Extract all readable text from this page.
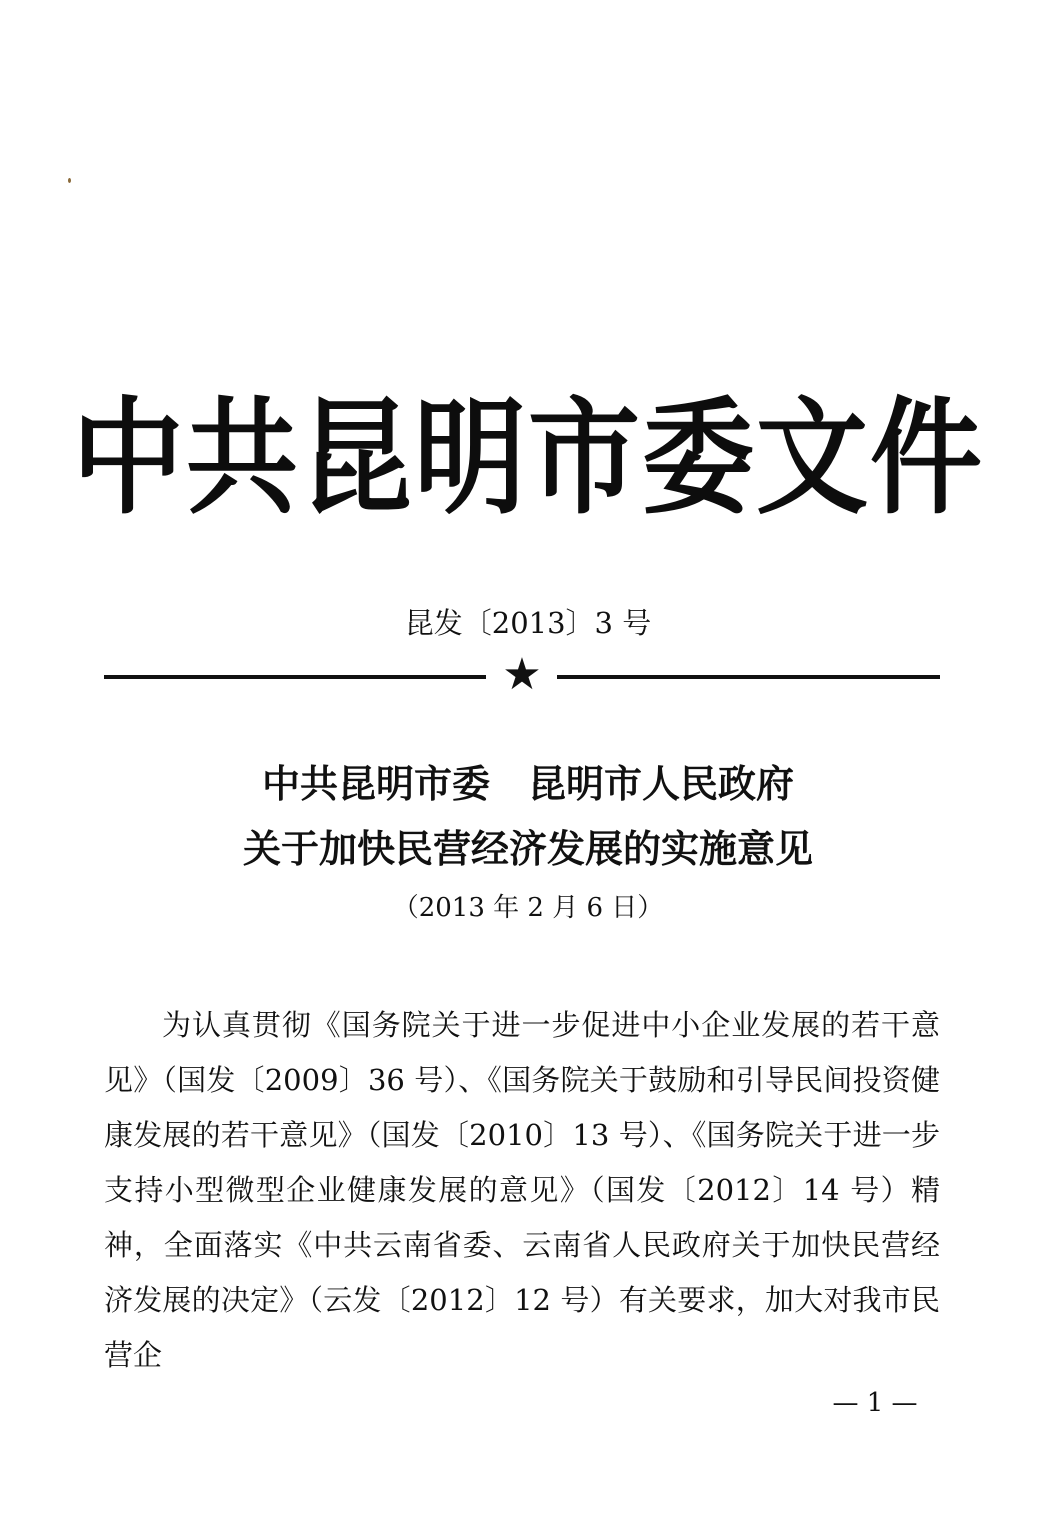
中共昆明市委文件
昆发〔2013〕3 号
★
中共昆明市委 昆明市人民政府
关于加快民营经济发展的实施意见
（2013 年 2 月 6 日）

为认真贯彻《国务院关于进一步促进中小企业发展的若干意见》（国发〔2009〕36 号）、《国务院关于鼓励和引导民间投资健康发展的若干意见》（国发〔2010〕13 号）、《国务院关于进一步支持小型微型企业健康发展的意见》（国发〔2012〕14 号）精神，全面落实《中共云南省委、云南省人民政府关于加快民营经济发展的决定》（云发〔2012〕12 号）有关要求，加大对我市民营企

— 1 —
